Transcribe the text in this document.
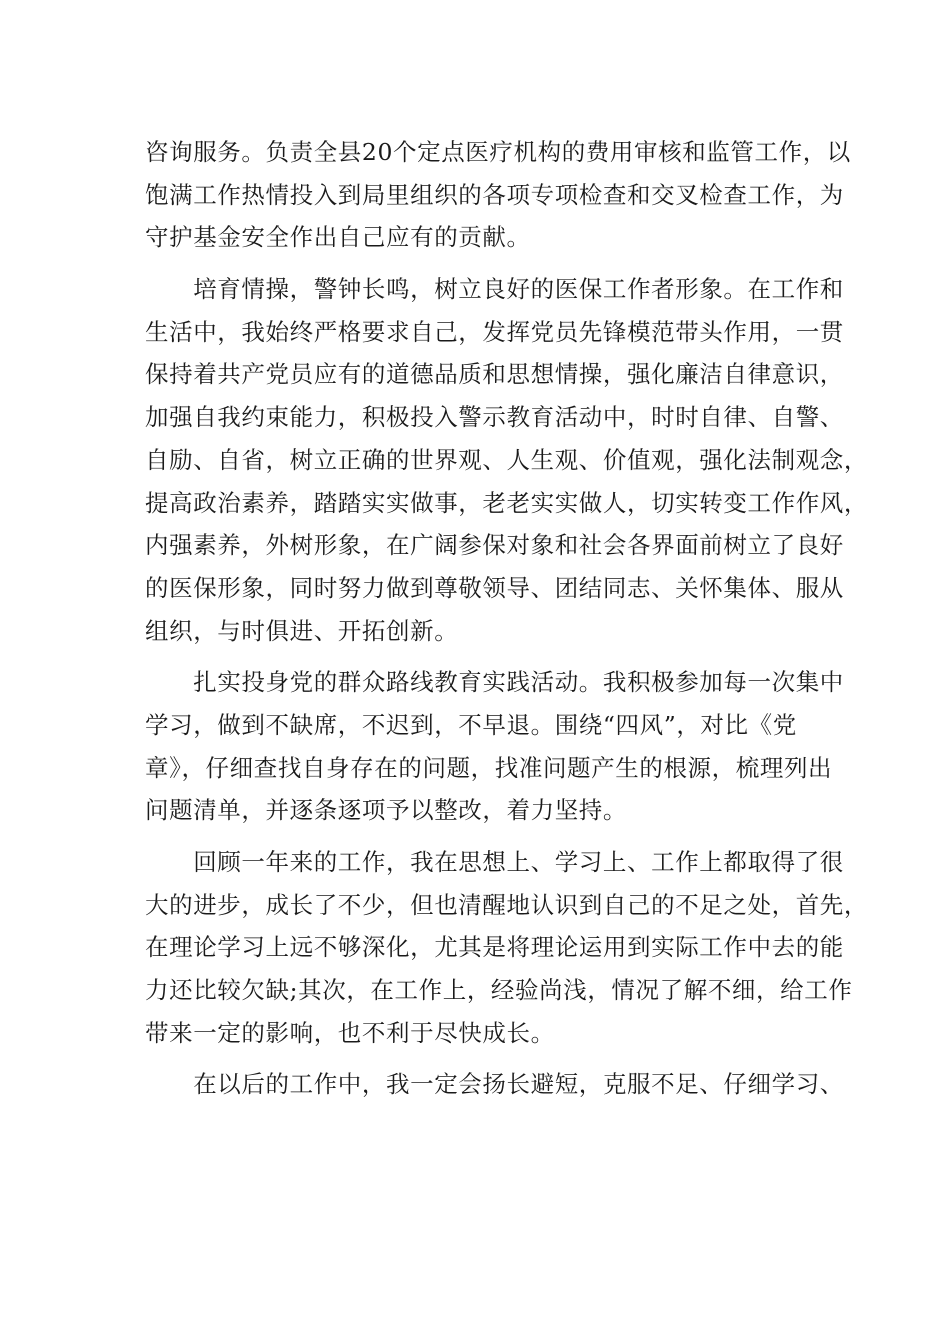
咨询服务。负责全县20个定点医疗机构的费用审核和监管工作，以
饱满工作热情投入到局里组织的各项专项检查和交叉检查工作，为
守护基金安全作出自己应有的贡献。
　　培育情操，警钟长鸣，树立良好的医保工作者形象。在工作和
生活中，我始终严格要求自己，发挥党员先锋模范带头作用，一贯
保持着共产党员应有的道德品质和思想情操，强化廉洁自律意识，
加强自我约束能力，积极投入警示教育活动中，时时自律、自警、
自励、自省，树立正确的世界观、人生观、价值观，强化法制观念，
提高政治素养，踏踏实实做事，老老实实做人，切实转变工作作风，
内强素养，外树形象，在广阔参保对象和社会各界面前树立了良好
的医保形象，同时努力做到尊敬领导、团结同志、关怀集体、服从
组织，与时俱进、开拓创新。
　　扎实投身党的群众路线教育实践活动。我积极参加每一次集中
学习，做到不缺席，不迟到，不早退。围绕“四风”，对比《党
章》，仔细查找自身存在的问题，找准问题产生的根源，梳理列出
问题清单，并逐条逐项予以整改，着力坚持。
　　回顾一年来的工作，我在思想上、学习上、工作上都取得了很
大的进步，成长了不少，但也清醒地认识到自己的不足之处，首先，
在理论学习上远不够深化，尤其是将理论运用到实际工作中去的能
力还比较欠缺;其次，在工作上，经验尚浅，情况了解不细，给工作
带来一定的影响，也不利于尽快成长。
　　在以后的工作中，我一定会扬长避短，克服不足、仔细学习、
